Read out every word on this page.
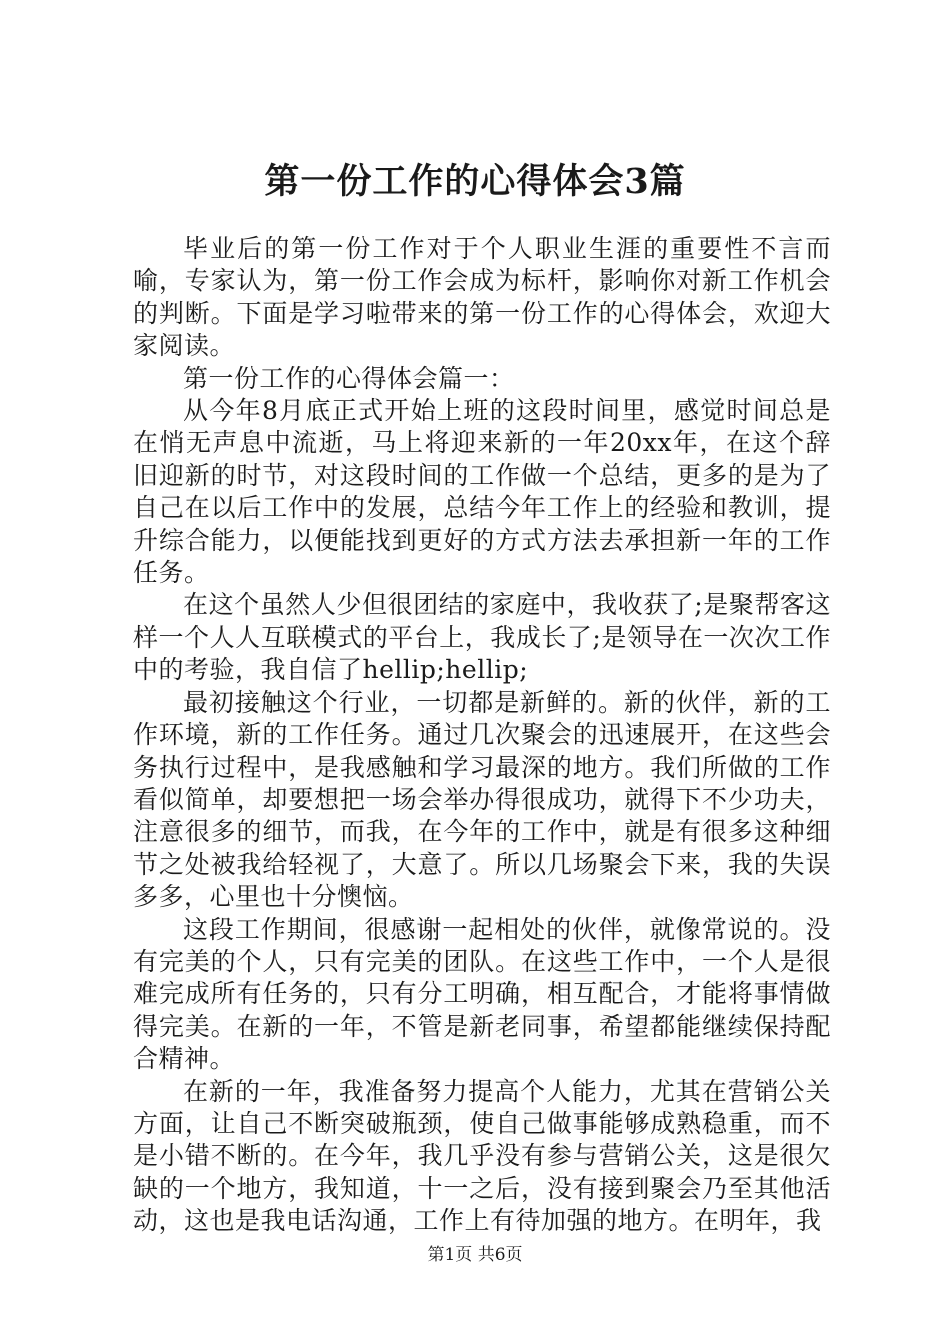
第一份工作的心得体会3篇

毕业后的第一份工作对于个人职业生涯的重要性不言而喻，专家认为，第一份工作会成为标杆，影响你对新工作机会的判断。下面是学习啦带来的第一份工作的心得体会，欢迎大家阅读。

第一份工作的心得体会篇一：

从今年8月底正式开始上班的这段时间里，感觉时间总是在悄无声息中流逝，马上将迎来新的一年20xx年，在这个辞旧迎新的时节，对这段时间的工作做一个总结，更多的是为了自己在以后工作中的发展，总结今年工作上的经验和教训，提升综合能力，以便能找到更好的方式方法去承担新一年的工作任务。

在这个虽然人少但很团结的家庭中，我收获了;是聚帮客这样一个人人互联模式的平台上，我成长了;是领导在一次次工作中的考验，我自信了hellip;hellip;

最初接触这个行业，一切都是新鲜的。新的伙伴，新的工作环境，新的工作任务。通过几次聚会的迅速展开，在这些会务执行过程中，是我感触和学习最深的地方。我们所做的工作看似简单，却要想把一场会举办得很成功，就得下不少功夫，注意很多的细节，而我，在今年的工作中，就是有很多这种细节之处被我给轻视了，大意了。所以几场聚会下来，我的失误多多，心里也十分懊恼。

这段工作期间，很感谢一起相处的伙伴，就像常说的。没有完美的个人，只有完美的团队。在这些工作中，一个人是很难完成所有任务的，只有分工明确，相互配合，才能将事情做得完美。在新的一年，不管是新老同事，希望都能继续保持配合精神。

在新的一年，我准备努力提高个人能力，尤其在营销公关方面，让自己不断突破瓶颈，使自己做事能够成熟稳重，而不是小错不断的。在今年，我几乎没有参与营销公关，这是很欠缺的一个地方，我知道，十一之后，没有接到聚会乃至其他活动，这也是我电话沟通，工作上有待加强的地方。在明年，我

第1页 共6页
